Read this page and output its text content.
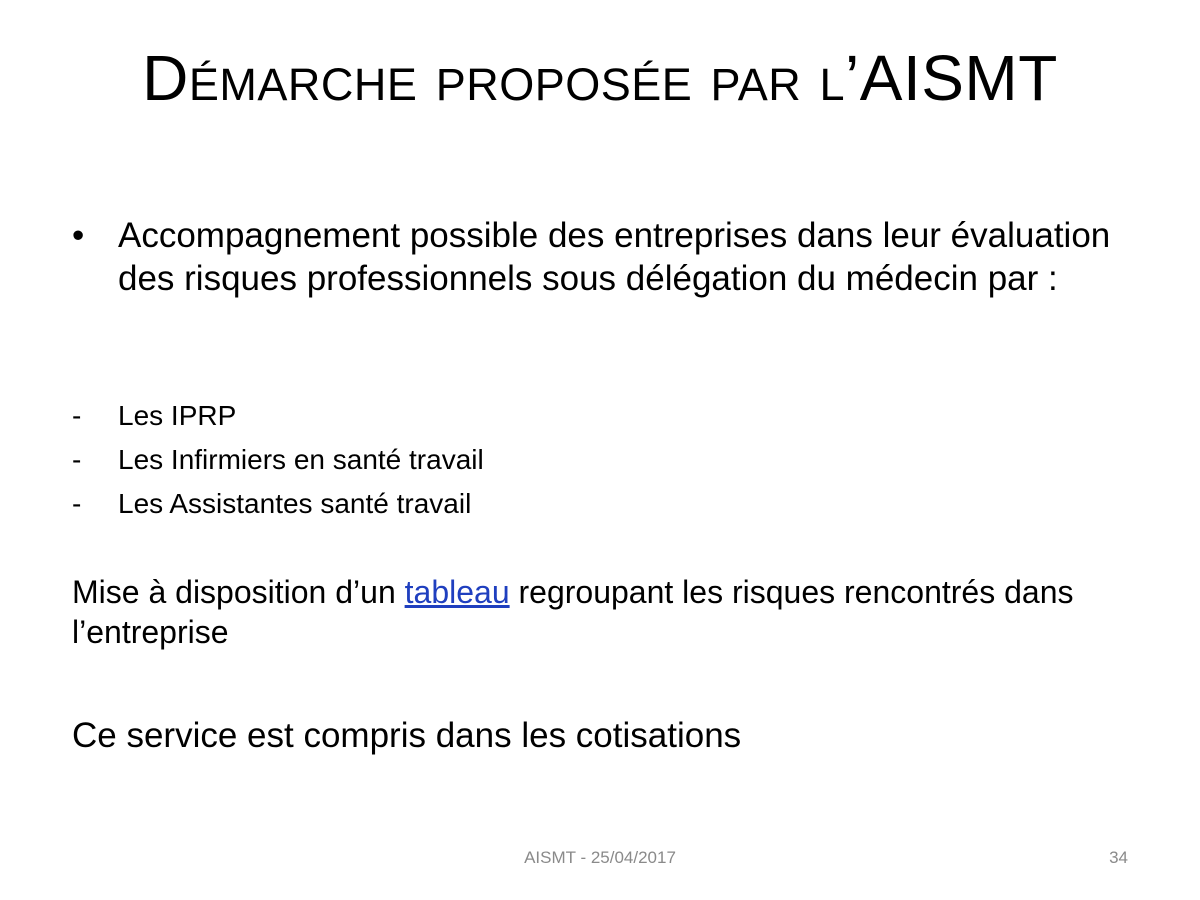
Démarche proposée par l’AISMT
• Accompagnement possible des entreprises dans leur évaluation des risques professionnels sous délégation du médecin par :
- Les IPRP
- Les Infirmiers en santé travail
- Les Assistantes santé travail
Mise à disposition d’un tableau regroupant les risques rencontrés dans l’entreprise
Ce service est compris dans les cotisations
AISMT - 25/04/2017	34
